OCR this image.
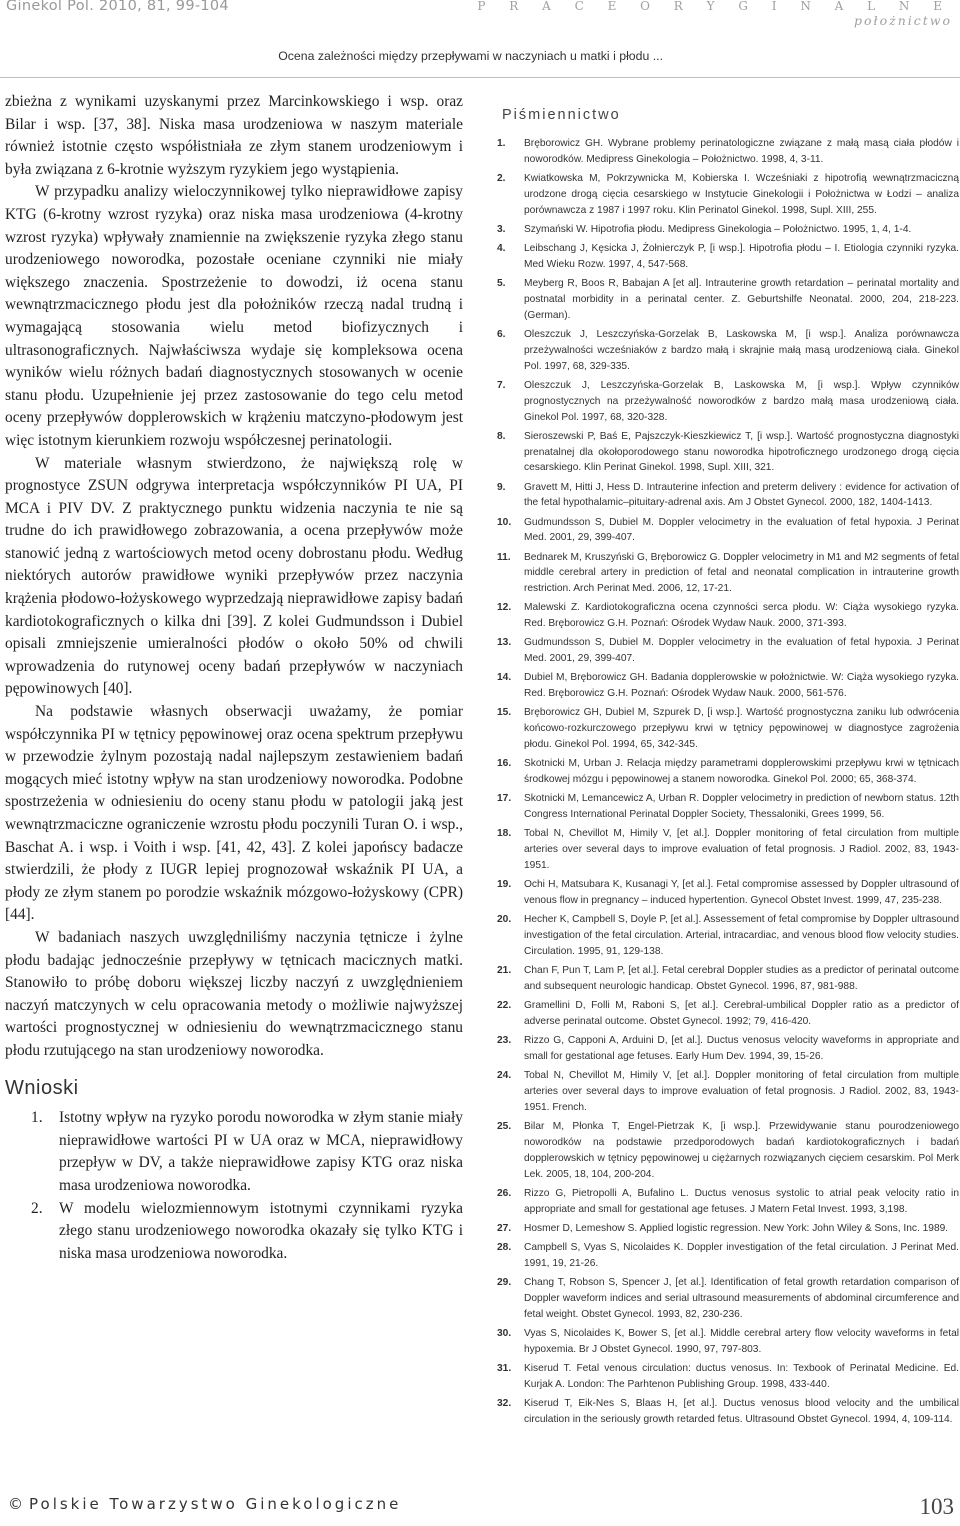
Ginekol Pol. 2010, 81, 99-104	P R A C E O R Y G I N A L N E
położnictwo
Ocena zależności między przepływami w naczyniach u matki i płodu ...

zbieżna z wynikami uzyskanymi przez Marcinkowskiego i wsp. oraz Bilar i wsp. [37, 38]. Niska masa urodzeniowa w naszym materiale również istotnie często współistniała ze złym stanem urodzeniowym i była związana z 6-krotnie wyższym ryzykiem jego wystąpienia.

W przypadku analizy wieloczynnikowej tylko nieprawidłowe zapisy KTG (6-krotny wzrost ryzyka) oraz niska masa urodzeniowa (4-krotny wzrost ryzyka) wpływały znamiennie na zwiększenie ryzyka złego stanu urodzeniowego noworodka, pozostałe oceniane czynniki nie miały większego znaczenia. Spostrzeżenie to dowodzi, iż ocena stanu wewnątrzmacicznego płodu jest dla położników rzeczą nadal trudną i wymagającą stosowania wielu metod biofizycznych i ultrasonograficznych. Najwłaściwsza wydaje się kompleksowa ocena wyników wielu różnych badań diagnostycznych stosowanych w ocenie stanu płodu. Uzupełnienie jej przez zastosowanie do tego celu metod oceny przepływów dopplerowskich w krążeniu matczyno-płodowym jest więc istotnym kierunkiem rozwoju współczesnej perinatologii.

W materiale własnym stwierdzono, że największą rolę w prognostyce ZSUN odgrywa interpretacja współczynników PI UA, PI MCA i PIV DV. Z praktycznego punktu widzenia naczynia te nie są trudne do ich prawidłowego zobrazowania, a ocena przepływów może stanowić jedną z wartościowych metod oceny dobrostanu płodu. Według niektórych autorów prawidłowe wyniki przepływów przez naczynia krążenia płodowo-łożyskowego wyprzedzają nieprawidłowe zapisy badań kardiotokograficznych o kilka dni [39]. Z kolei Gudmundsson i Dubiel opisali zmniejszenie umieralności płodów o około 50% od chwili wprowadzenia do rutynowej oceny badań przepływów w naczyniach pępowinowych [40].

Na podstawie własnych obserwacji uważamy, że pomiar współczynnika PI w tętnicy pępowinowej oraz ocena spektrum przepływu w przewodzie żylnym pozostają nadal najlepszym zestawieniem badań mogących mieć istotny wpływ na stan urodzeniowy noworodka. Podobne spostrzeżenia w odniesieniu do oceny stanu płodu w patologii jaką jest wewnątrzmaciczne ograniczenie wzrostu płodu poczynili Turan O. i wsp., Baschat A. i wsp. i Voith i wsp. [41, 42, 43]. Z kolei japońscy badacze stwierdzili, że płody z IUGR lepiej prognozował wskaźnik PI UA, a płody ze złym stanem po porodzie wskaźnik mózgowo-łożyskowy (CPR) [44].

W badaniach naszych uwzględniliśmy naczynia tętnicze i żylne płodu badając jednocześnie przepływy w tętnicach macicznych matki. Stanowiło to próbę doboru większej liczby naczyń z uwzględnieniem naczyń matczynych w celu opracowania metody o możliwie najwyższej wartości prognostycznej w odniesieniu do wewnątrzmacicznego stanu płodu rzutującego na stan urodzeniowy noworodka.

Wnioski
1. Istotny wpływ na ryzyko porodu noworodka w złym stanie miały nieprawidłowe wartości PI w UA oraz w MCA, nieprawidłowy przepływ w DV, a także nieprawidłowe zapisy KTG oraz niska masa urodzeniowa noworodka.
2. W modelu wielozmiennowym istotnymi czynnikami ryzyka złego stanu urodzeniowego noworodka okazały się tylko KTG i niska masa urodzeniowa noworodka.
Piśmiennictwo
1. Bręborowicz GH. Wybrane problemy perinatologiczne związane z małą masą ciała płodów i noworodków. Medipress Ginekologia – Położnictwo. 1998, 4, 3-11.
2. Kwiatkowska M, Pokrzywnicka M, Kobierska I. Wcześniaki z hipotrofią wewnątrzmaciczną urodzone drogą cięcia cesarskiego w Instytucie Ginekologii i Położnictwa w Łodzi – analiza porównawcza z 1987 i 1997 roku. Klin Perinatol Ginekol. 1998, Supl. XIII, 255.
3. Szymański W. Hipotrofia płodu. Medipress Ginekologia – Położnictwo. 1995, 1, 4, 1-4.
4. Leibschang J, Kęsicka J, Żołnierczyk P, [i wsp.]. Hipotrofia płodu – I. Etiologia czynniki ryzyka. Med Wieku Rozw. 1997, 4, 547-568.
5. Meyberg R, Boos R, Babajan A [et al]. Intrauterine growth retardation – perinatal mortality and postnatal morbidity in a perinatal center. Z. Geburtshilfe Neonatal. 2000, 204, 218-223. (German).
6. Oleszczuk J, Leszczyńska-Gorzelak B, Laskowska M, [i wsp.]. Analiza porównawcza przeżywalności wcześniaków z bardzo małą i skrajnie małą masą urodzeniową ciała. Ginekol Pol. 1997, 68, 329-335.
7. Oleszczuk J, Leszczyńska-Gorzelak B, Laskowska M, [i wsp.]. Wpływ czynników prognostycznych na przeżywalność noworodków z bardzo małą masa urodzeniową ciała. Ginekol Pol. 1997, 68, 320-328.
8. Sieroszewski P, Baś E, Pajszczyk-Kieszkiewicz T, [i wsp.]. Wartość prognostyczna diagnostyki prenatalnej dla okołoporodowego stanu noworodka hipotroficznego urodzonego drogą cięcia cesarskiego. Klin Perinat Ginekol. 1998, Supl. XIII, 321.
9. Gravett M, Hitti J, Hess D. Intrauterine infection and preterm delivery : evidence for activation of the fetal hypothalamic–pituitary-adrenal axis. Am J Obstet Gynecol. 2000, 182, 1404-1413.
10. Gudmundsson S, Dubiel M. Doppler velocimetry in the evaluation of fetal hypoxia. J Perinat Med. 2001, 29, 399-407.
11. Bednarek M, Kruszyński G, Bręborowicz G. Doppler velocimetry in M1 and M2 segments of fetal middle cerebral artery in prediction of fetal and neonatal complication in intrauterine growth restriction. Arch Perinat Med. 2006, 12, 17-21.
12. Malewski Z. Kardiotokograficzna ocena czynności serca płodu. W: Ciąża wysokiego ryzyka. Red. Bręborowicz G.H. Poznań: Ośrodek Wydaw Nauk. 2000, 371-393.
13. Gudmundsson S, Dubiel M. Doppler velocimetry in the evaluation of fetal hypoxia. J Perinat Med. 2001, 29, 399-407.
14. Dubiel M, Bręborowicz GH. Badania dopplerowskie w położnictwie. W: Ciąża wysokiego ryzyka. Red. Bręborowicz G.H. Poznań: Ośrodek Wydaw Nauk. 2000, 561-576.
15. Bręborowicz GH, Dubiel M, Szpurek D, [i wsp.]. Wartość prognostyczna zaniku lub odwrócenia końcowo-rozkurczowego przepływu krwi w tętnicy pępowinowej w diagnostyce zagrożenia płodu. Ginekol Pol. 1994, 65, 342-345.
16. Skotnicki M, Urban J. Relacja między parametrami dopplerowskimi przepływu krwi w tętnicach środkowej mózgu i pępowinowej a stanem noworodka. Ginekol Pol. 2000; 65, 368-374.
17. Skotnicki M, Lemancewicz A, Urban R. Doppler velocimetry in prediction of newborn status. 12th Congress International Perinatal Doppler Society, Thessaloniki, Grees 1999, 56.
18. Tobal N, Chevillot M, Himily V, [et al.]. Doppler monitoring of fetal circulation from multiple arteries over several days to improve evaluation of fetal prognosis. J Radiol. 2002, 83, 1943-1951.
19. Ochi H, Matsubara K, Kusanagi Y, [et al.]. Fetal compromise assessed by Doppler ultrasound of venous flow in pregnancy – induced hypertention. Gynecol Obstet Invest. 1999, 47, 235-238.
20. Hecher K, Campbell S, Doyle P, [et al.]. Assessement of fetal compromise by Doppler ultrasound investigation of the fetal circulation. Arterial, intracardiac, and venous blood flow velocity studies. Circulation. 1995, 91, 129-138.
21. Chan F, Pun T, Lam P, [et al.]. Fetal cerebral Doppler studies as a predictor of perinatal outcome and subsequent neurologic handicap. Obstet Gynecol. 1996, 87, 981-988.
22. Gramellini D, Folli M, Raboni S, [et al.]. Cerebral-umbilical Doppler ratio as a predictor of adverse perinatal outcome. Obstet Gynecol. 1992; 79, 416-420.
23. Rizzo G, Capponi A, Arduini D, [et al.]. Ductus venosus velocity waveforms in appropriate and small for gestational age fetuses. Early Hum Dev. 1994, 39, 15-26.
24. Tobal N, Chevillot M, Himily V, [et al.]. Doppler monitoring of fetal circulation from multiple arteries over several days to improve evaluation of fetal prognosis. J Radiol. 2002, 83, 1943-1951. French.
25. Bilar M, Płonka T, Engel-Pietrzak K, [i wsp.]. Przewidywanie stanu pourodzeniowego noworodków na podstawie przedporodowych badań kardiotokograficznych i badań dopplerowskich w tętnicy pępowinowej u ciężarnych rozwiązanych cięciem cesarskim. Pol Merk Lek. 2005, 18, 104, 200-204.
26. Rizzo G, Pietropolli A, Bufalino L. Ductus venosus systolic to atrial peak velocity ratio in appropriate and small for gestational age fetuses. J Matern Fetal Invest. 1993, 3,198.
27. Hosmer D, Lemeshow S. Applied logistic regression. New York: John Wiley & Sons, Inc. 1989.
28. Campbell S, Vyas S, Nicolaides K. Doppler investigation of the fetal circulation. J Perinat Med. 1991, 19, 21-26.
29. Chang T, Robson S, Spencer J, [et al.]. Identification of fetal growth retardation comparison of Doppler waveform indices and serial ultrasound measurements of abdominal circumference and fetal weight. Obstet Gynecol. 1993, 82, 230-236.
30. Vyas S, Nicolaides K, Bower S, [et al.]. Middle cerebral artery flow velocity waveforms in fetal hypoxemia. Br J Obstet Gynecol. 1990, 97, 797-803.
31. Kiserud T. Fetal venous circulation: ductus venosus. In: Texbook of Perinatal Medicine. Ed. Kurjak A. London: The Parhtenon Publishing Group. 1998, 433-440.
32. Kiserud T, Eik-Nes S, Blaas H, [et al.]. Ductus venosus blood velocity and the umbilical circulation in the seriously growth retarded fetus. Ultrasound Obstet Gynecol. 1994, 4, 109-114.
© Polskie Towarzystwo Ginekologiczne	103
